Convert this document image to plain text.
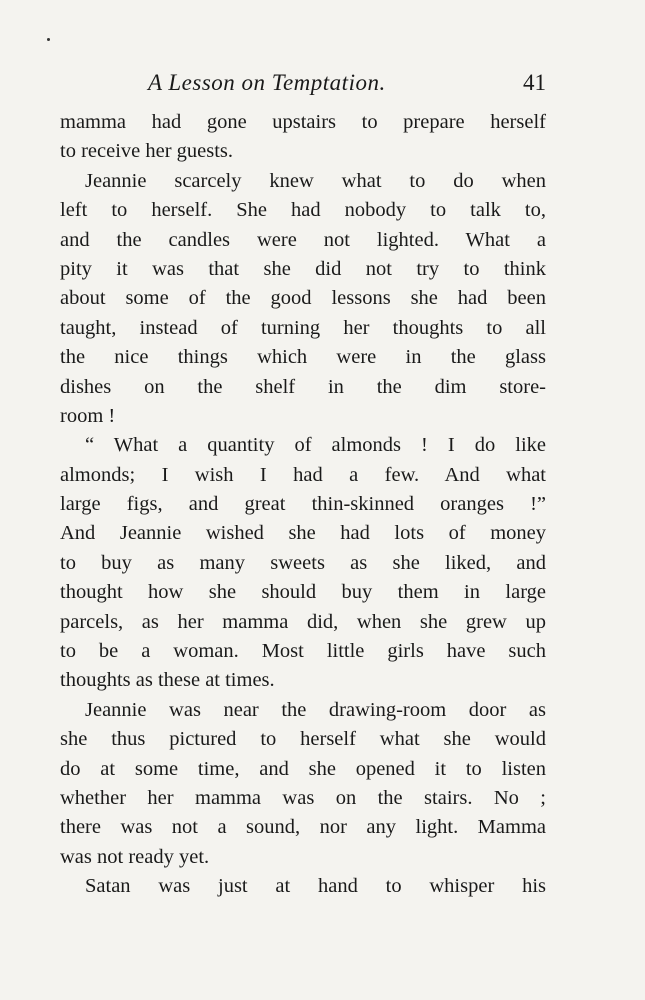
A Lesson on Temptation.	41
mamma had gone upstairs to prepare herself
to receive her guests.
Jeannie scarcely knew what to do when
left to herself. She had nobody to talk to,
and the candles were not lighted. What a
pity it was that she did not try to think
about some of the good lessons she had been
taught, instead of turning her thoughts to all
the nice things which were in the glass
dishes on the shelf in the dim store-
room !
“ What a quantity of almonds ! I do like
almonds; I wish I had a few. And what
large figs, and great thin-skinned oranges !”
And Jeannie wished she had lots of money
to buy as many sweets as she liked, and
thought how she should buy them in large
parcels, as her mamma did, when she grew up
to be a woman. Most little girls have such
thoughts as these at times.
Jeannie was near the drawing-room door as
she thus pictured to herself what she would
do at some time, and she opened it to listen
whether her mamma was on the stairs. No ;
there was not a sound, nor any light. Mamma
was not ready yet.
Satan was just at hand to whisper his
